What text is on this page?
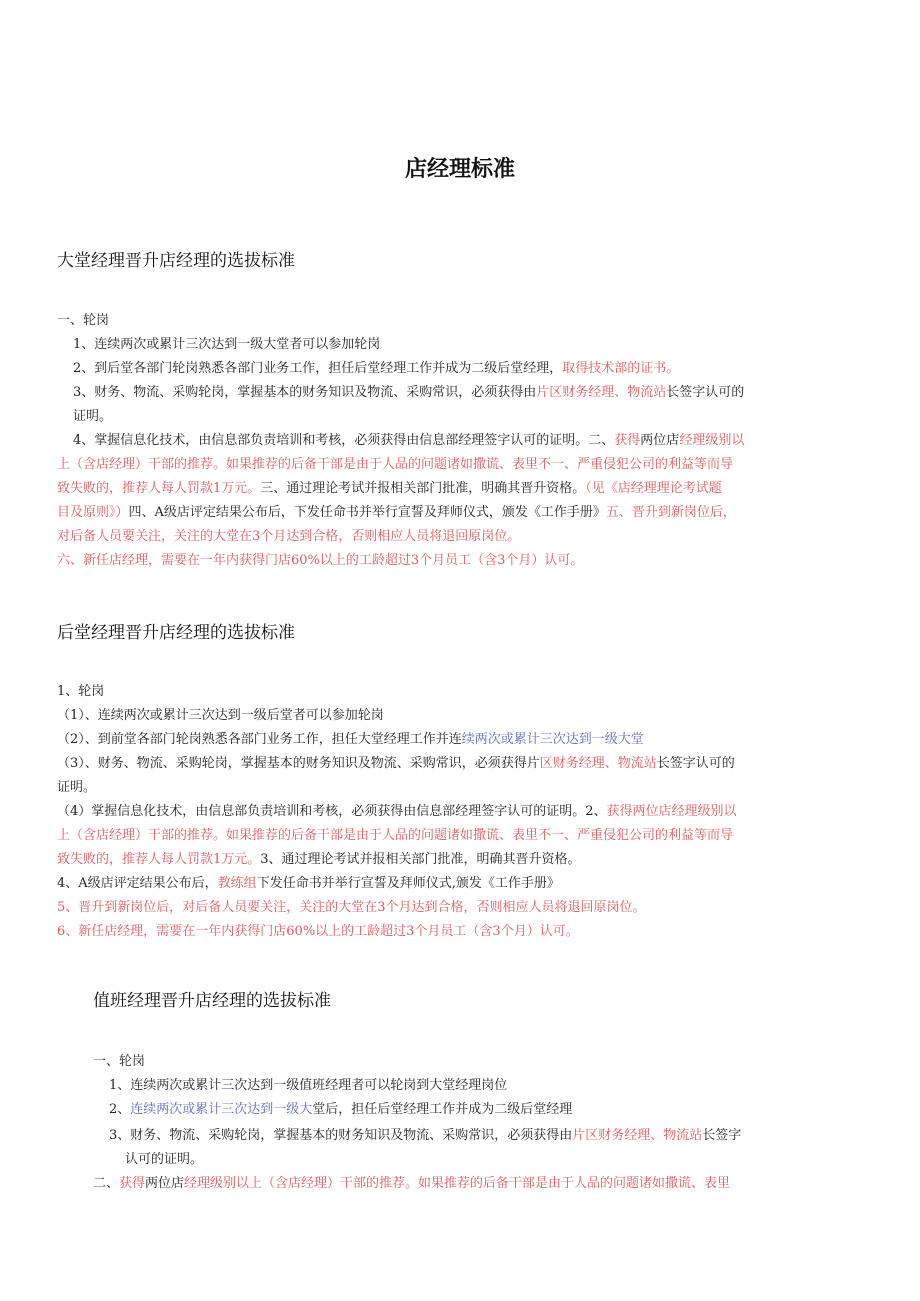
店经理标准
大堂经理晋升店经理的选拔标准
一、轮岗
1、连续两次或累计三次达到一级大堂者可以参加轮岗
2、到后堂各部门轮岗熟悉各部门业务工作，担任后堂经理工作并成为二级后堂经理，取得技术部的证书。
3、财务、物流、采购轮岗，掌握基本的财务知识及物流、采购常识，必须获得由片区财务经理、物流站长签字认可的
证明。
4、掌握信息化技术，由信息部负责培训和考核，必须获得由信息部经理签字认可的证明。二、获得两位店经理级别以
上（含店经理）干部的推荐。如果推荐的后备干部是由于人品的问题诸如撒谎、表里不一、严重侵犯公司的利益等而导
致失败的，推荐人每人罚款1万元。三、通过理论考试并报相关部门批准，明确其晋升资格。（见《店经理理论考试题
目及原则》）四、A级店评定结果公布后，下发任命书并举行宣誓及拜师仪式，颁发《工作手册》五、晋升到新岗位后，
对后备人员要关注，关注的大堂在3个月达到合格，否则相应人员将退回原岗位。
六、新任店经理，需要在一年内获得门店60%以上的工龄超过3个月员工（含3个月）认可。
后堂经理晋升店经理的选拔标准
1、轮岗
（1）、连续两次或累计三次达到一级后堂者可以参加轮岗
（2）、到前堂各部门轮岗熟悉各部门业务工作，担任大堂经理工作并连续两次或累计三次达到一级大堂
（3）、财务、物流、采购轮岗，掌握基本的财务知识及物流、采购常识，必须获得片区财务经理、物流站长签字认可的
证明。
（4）掌握信息化技术，由信息部负责培训和考核，必须获得由信息部经理签字认可的证明。2、获得两位店经理级别以
上（含店经理）干部的推荐。如果推荐的后备干部是由于人品的问题诸如撒谎、表里不一、严重侵犯公司的利益等而导
致失败的，推荐人每人罚款1万元。3、通过理论考试并报相关部门批准，明确其晋升资格。
4、A级店评定结果公布后，教练组下发任命书并举行宣誓及拜师仪式,颁发《工作手册》
5、晋升到新岗位后，对后备人员要关注，关注的大堂在3个月达到合格，否则相应人员将退回原岗位。
6、新任店经理，需要在一年内获得门店60%以上的工龄超过3个月员工（含3个月）认可。
值班经理晋升店经理的选拔标准
一、轮岗
1、连续两次或累计三次达到一级值班经理者可以轮岗到大堂经理岗位
2、连续两次或累计三次达到一级大堂后，担任后堂经理工作并成为二级后堂经理
3、财务、物流、采购轮岗，掌握基本的财务知识及物流、采购常识，必须获得由片区财务经理、物流站长签字
认可的证明。
二、获得两位店经理级别以上（含店经理）干部的推荐。如果推荐的后备干部是由于人品的问题诸如撒谎、表里
